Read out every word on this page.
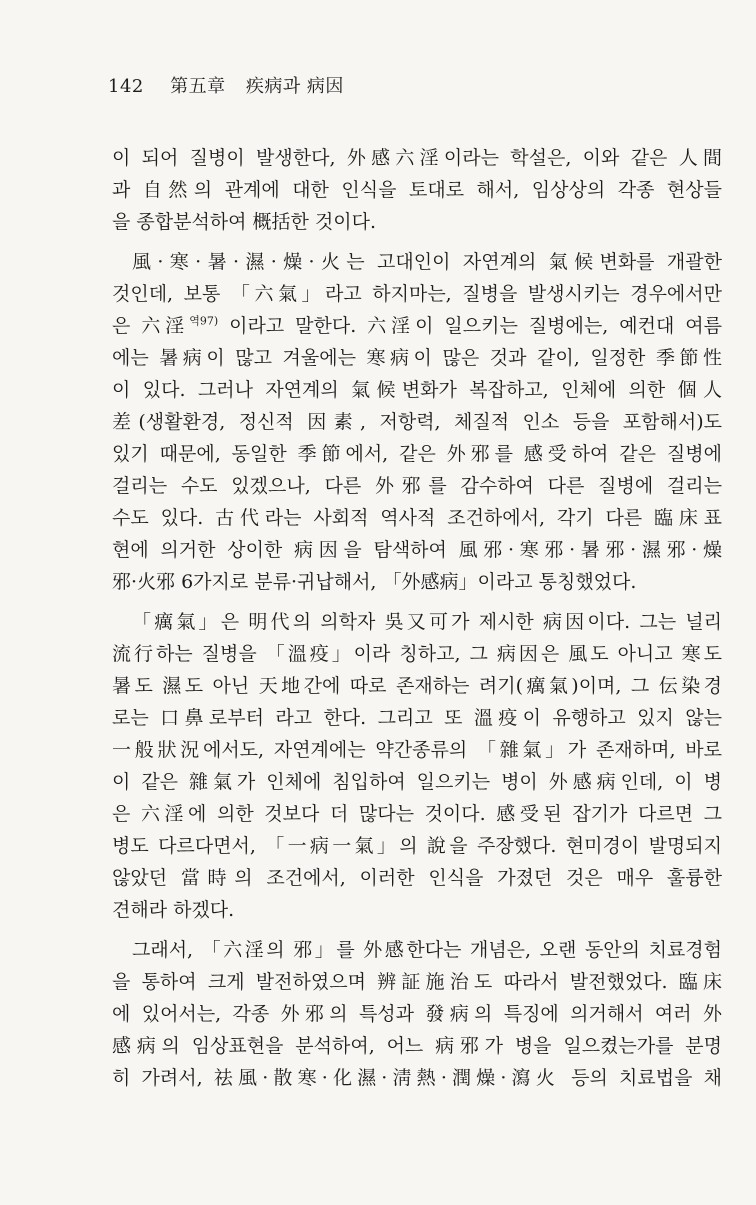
142 第五章 疾病과 病因
이 되어 질병이 발생한다, 外感六淫이라는 학설은, 이와 같은 人間
과 自然의 관계에 대한 인식을 토대로 해서, 임상상의 각종 현상들
을 종합분석하여 概括한 것이다.
風·寒·暑·濕·燥·火는 고대인이 자연계의 氣候변화를 개괄한
것인데, 보통 「六氣」라고 하지마는, 질병을 발생시키는 경우에서만
은 六淫$^{역97)}$ 이라고 말한다. 六淫이 일으키는 질병에는, 예컨대 여름
에는 暑病이 많고 겨울에는 寒病이 많은 것과 같이, 일정한 季節性
이 있다. 그러나 자연계의 氣候변화가 복잡하고, 인체에 의한 個人
差(생활환경, 정신적 因素, 저항력, 체질적 인소 등을 포함해서)도
있기 때문에, 동일한 季節에서, 같은 外邪를 感受하여 같은 질병에
걸리는 수도 있겠으나, 다른 外邪를 감수하여 다른 질병에 걸리는
수도 있다. 古代라는 사회적 역사적 조건하에서, 각기 다른 臨床표
현에 의거한 상이한 病因을 탐색하여 風邪·寒邪·暑邪·濕邪·燥
邪·火邪 6가지로 분류·귀납해서, 「外感病」이라고 통칭했었다.
「癘氣」은 明代의 의학자 吳又可가 제시한 病因이다. 그는 널리
流行하는 질병을 「溫疫」이라 칭하고, 그 病因은 風도 아니고 寒도
暑도 濕도 아닌 天地간에 따로 존재하는 려기(癘氣)이며, 그 伝染경
로는 口鼻로부터 라고 한다. 그리고 또 溫疫이 유행하고 있지 않는
一般狀況에서도, 자연계에는 약간종류의 「雜氣」가 존재하며, 바로
이 같은 雜氣가 인체에 침입하여 일으키는 병이 外感病인데, 이 병
은 六淫에 의한 것보다 더 많다는 것이다. 感受된 잡기가 다르면 그
병도 다르다면서, 「一病一氣」의 說을 주장했다. 현미경이 발명되지
않았던 當時의 조건에서, 이러한 인식을 가졌던 것은 매우 훌륭한
견해라 하겠다.
그래서, 「六淫의 邪」를 外感한다는 개념은, 오랜 동안의 치료경험
을 통하여 크게 발전하였으며 辨証施治도 따라서 발전했었다. 臨床
에 있어서는, 각종 外邪의 특성과 發病의 특징에 의거해서 여러 外
感病의 임상표현을 분석하여, 어느 病邪가 병을 일으켰는가를 분명
히 가려서, 祛風·散寒·化濕·淸熱·潤燥·瀉火 등의 치료법을 채
